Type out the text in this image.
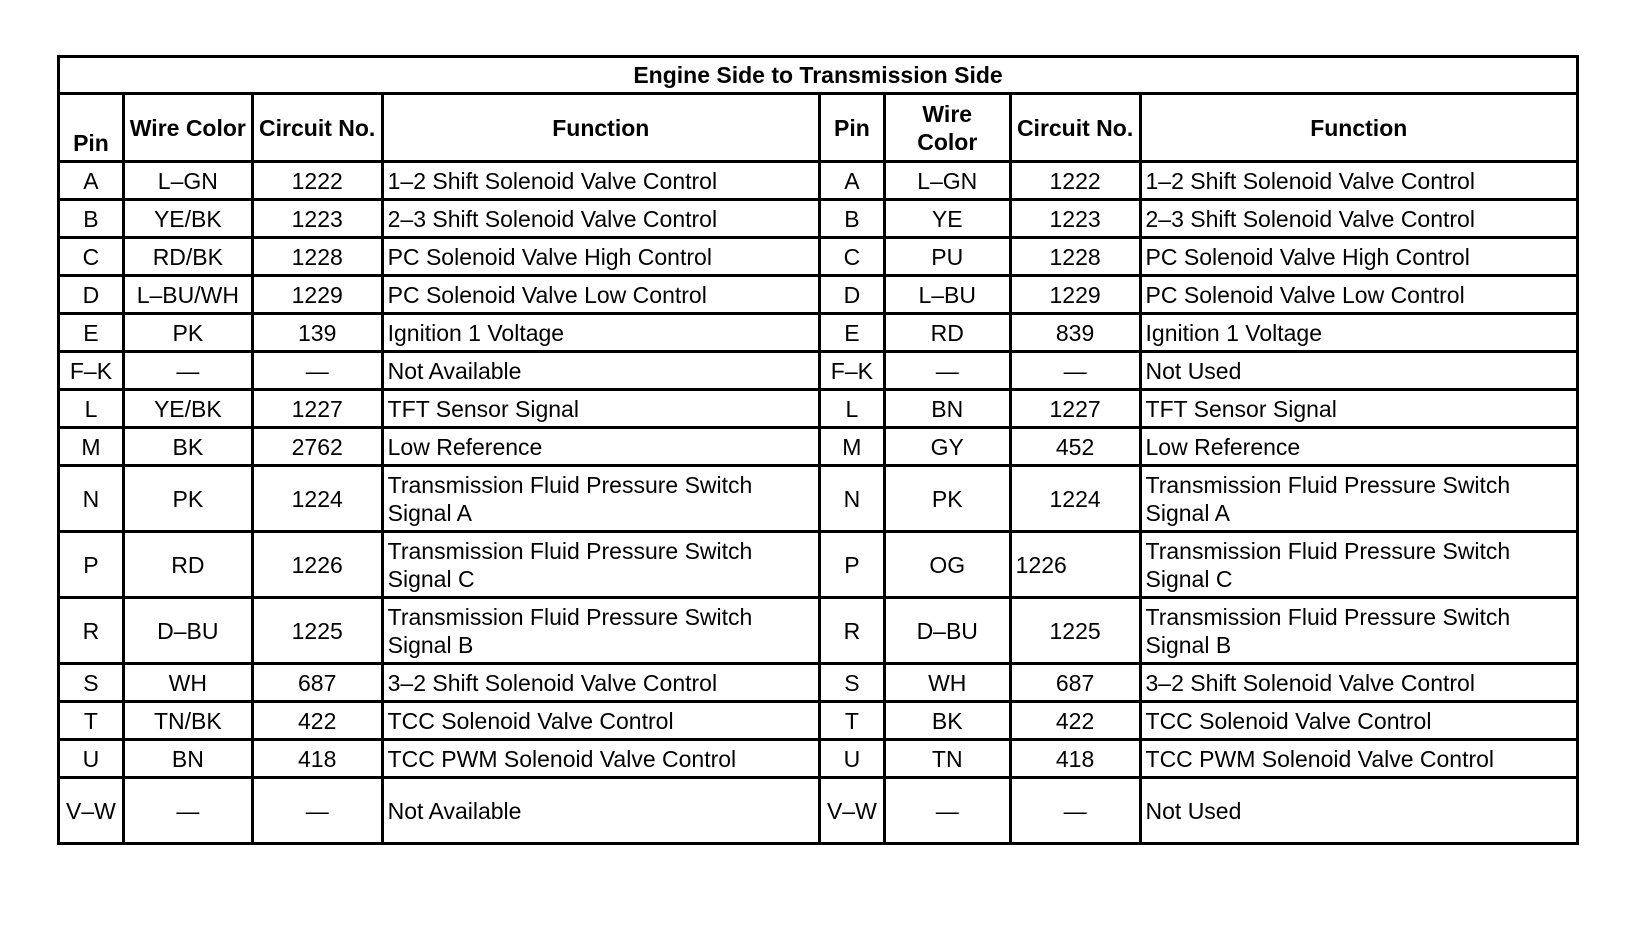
Engine Side to Transmission Side							
Pin	Wire Color	Circuit No.	Function	Pin	Wire Color	Circuit No.	Function
A	L–GN	1222	1–2 Shift Solenoid Valve Control	A	L–GN	1222	1–2 Shift Solenoid Valve Control
B	YE/BK	1223	2–3 Shift Solenoid Valve Control	B	YE	1223	2–3 Shift Solenoid Valve Control
C	RD/BK	1228	PC Solenoid Valve High Control	C	PU	1228	PC Solenoid Valve High Control
D	L–BU/WH	1229	PC Solenoid Valve Low Control	D	L–BU	1229	PC Solenoid Valve Low Control
E	PK	139	Ignition 1 Voltage	E	RD	839	Ignition 1 Voltage
F–K	—	—	Not Available	F–K	—	—	Not Used
L	YE/BK	1227	TFT Sensor Signal	L	BN	1227	TFT Sensor Signal
M	BK	2762	Low Reference	M	GY	452	Low Reference
N	PK	1224	Transmission Fluid Pressure Switch Signal A	N	PK	1224	Transmission Fluid Pressure Switch Signal A
P	RD	1226	Transmission Fluid Pressure Switch Signal C	P	OG	1226	Transmission Fluid Pressure Switch Signal C
R	D–BU	1225	Transmission Fluid Pressure Switch Signal B	R	D–BU	1225	Transmission Fluid Pressure Switch Signal B
S	WH	687	3–2 Shift Solenoid Valve Control	S	WH	687	3–2 Shift Solenoid Valve Control
T	TN/BK	422	TCC Solenoid Valve Control	T	BK	422	TCC Solenoid Valve Control
U	BN	418	TCC PWM Solenoid Valve Control	U	TN	418	TCC PWM Solenoid Valve Control
V–W	—	—	Not Available	V–W	—	—	Not Used
